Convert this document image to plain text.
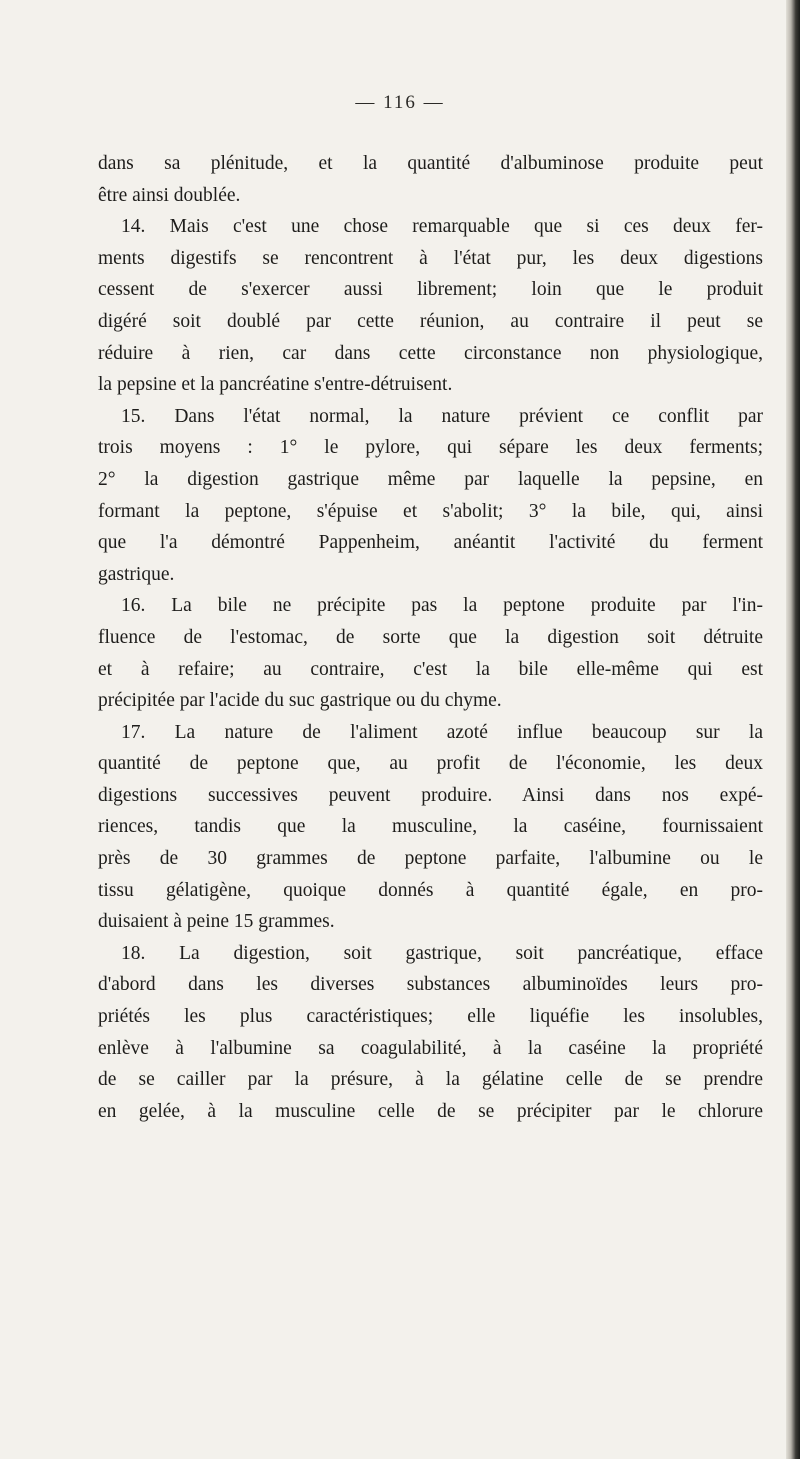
— 116 —
dans sa plénitude, et la quantité d'albuminose produite peut
être ainsi doublée.
14. Mais c'est une chose remarquable que si ces deux fer-
ments digestifs se rencontrent à l'état pur, les deux digestions
cessent de s'exercer aussi librement; loin que le produit
digéré soit doublé par cette réunion, au contraire il peut se
réduire à rien, car dans cette circonstance non physiologique,
la pepsine et la pancréatine s'entre-détruisent.
15. Dans l'état normal, la nature prévient ce conflit par
trois moyens : 1° le pylore, qui sépare les deux ferments;
2° la digestion gastrique même par laquelle la pepsine, en
formant la peptone, s'épuise et s'abolit; 3° la bile, qui, ainsi
que l'a démontré Pappenheim, anéantit l'activité du ferment
gastrique.
16. La bile ne précipite pas la peptone produite par l'in-
fluence de l'estomac, de sorte que la digestion soit détruite
et à refaire; au contraire, c'est la bile elle-même qui est
précipitée par l'acide du suc gastrique ou du chyme.
17. La nature de l'aliment azoté influe beaucoup sur la
quantité de peptone que, au profit de l'économie, les deux
digestions successives peuvent produire. Ainsi dans nos expé-
riences, tandis que la musculine, la caséine, fournissaient
près de 30 grammes de peptone parfaite, l'albumine ou le
tissu gélatigène, quoique donnés à quantité égale, en pro-
duisaient à peine 15 grammes.
18. La digestion, soit gastrique, soit pancréatique, efface
d'abord dans les diverses substances albuminoïdes leurs pro-
priétés les plus caractéristiques; elle liquéfie les insolubles,
enlève à l'albumine sa coagulabilité, à la caséine la propriété
de se cailler par la présure, à la gélatine celle de se prendre
en gelée, à la musculine celle de se précipiter par le chlorure
